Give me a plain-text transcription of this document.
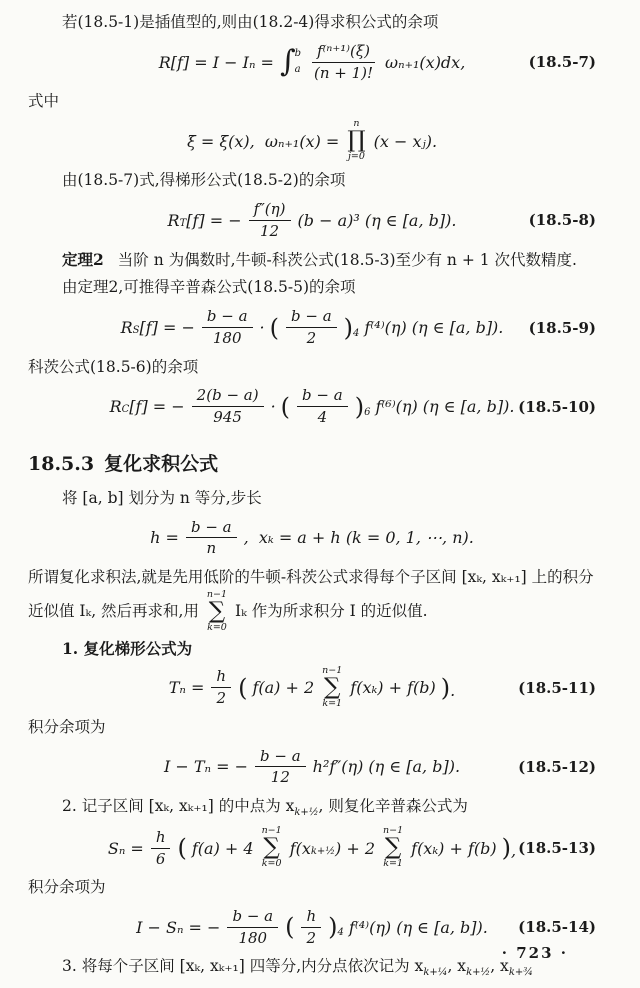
若(18.5-1)是插值型的,则由(18.2-4)得求积公式的余项

R[f] = I − Iₙ = ∫ b
a $\frac{\text{f⁽ⁿ⁺¹⁾(ξ)}}{(n + 1)!} \omega_{n+1}(x)dx$,	(18.5-7)

式中

ξ = ξ(x),  ωₙ₊₁(x) =
n
∏
j=0
(x − xⱼ).

由(18.5-7)式,得梯形公式(18.5-2)的余项

R T [f] = − $\frac{f''(\eta)}{12} (b - a)^3$ (η ∈ [a, b]).	(18.5-8)

定理2 当阶 n 为偶数时,牛顿-科茨公式(18.5-3)至少有 n + 1 次代数精度.

由定理2,可推得辛普森公式(18.5-5)的余项

R S [f] = − $\frac{b - a}{180}$ · ( $\frac{b - a}{2} )_4$ f⁽⁴⁾(η) (η ∈ [a, b]). (18.5-9)

科茨公式(18.5-6)的余项

R C [f] = − $\frac{2(b - a)}{945}$ · ( $\frac{b - a}{4} )_6$ f⁽⁶⁾(η) (η ∈ [a, b]). (18.5-10)
18.5.3 复化求积公式

将 [a, b] 划分为 n 等分,步长

$h = \frac{b - a}{n}$ ,  xₖ = a + h (k = 0, 1, ⋯, n).

所谓复化求积法,就是先用低阶的牛顿-科茨公式求得每个子区间 [xₖ, xₖ₊₁] 上的积分近似值 Iₖ, 然后再求和,用
n−1
∑
k=0
Iₖ 作为所求积分 I 的近似值.

1. 复化梯形公式为

$T_n = \frac{h}{2}$ ( f(a) + 2
n−1
∑
k=1
f(xₖ) + f(b) ) .	(18.5-11)

积分余项为

I − Tₙ = − $\frac{b - a}{12} h^2f''(\eta)$ (η ∈ [a, b]).	(18.5-12)

2. 记子区间 [xₖ, xₖ₊₁] 的中点为 $x_{k+\frac{1}{2}}$, 则复化辛普森公式为

$S_n = \frac{h}{6}$ ( f(a) + 4
n−1
∑
k=0
f(x k+½ ) + 2
n−1
∑
k=1
f(xₖ) + f(b) ) , (18.5-13)

积分余项为

I − Sₙ = − $\frac{b - a}{180}$ ( $\frac{h}{2} )_4$ f⁽⁴⁾(η) (η ∈ [a, b]). (18.5-14)

3. 将每个子区间 [xₖ, xₖ₊₁] 四等分,内分点依次记为 $x_{k+\frac{1}{4}}$, $x_{k+\frac{1}{2}}$, $x_{k+\frac{3}{4}}$

· 723 ·
